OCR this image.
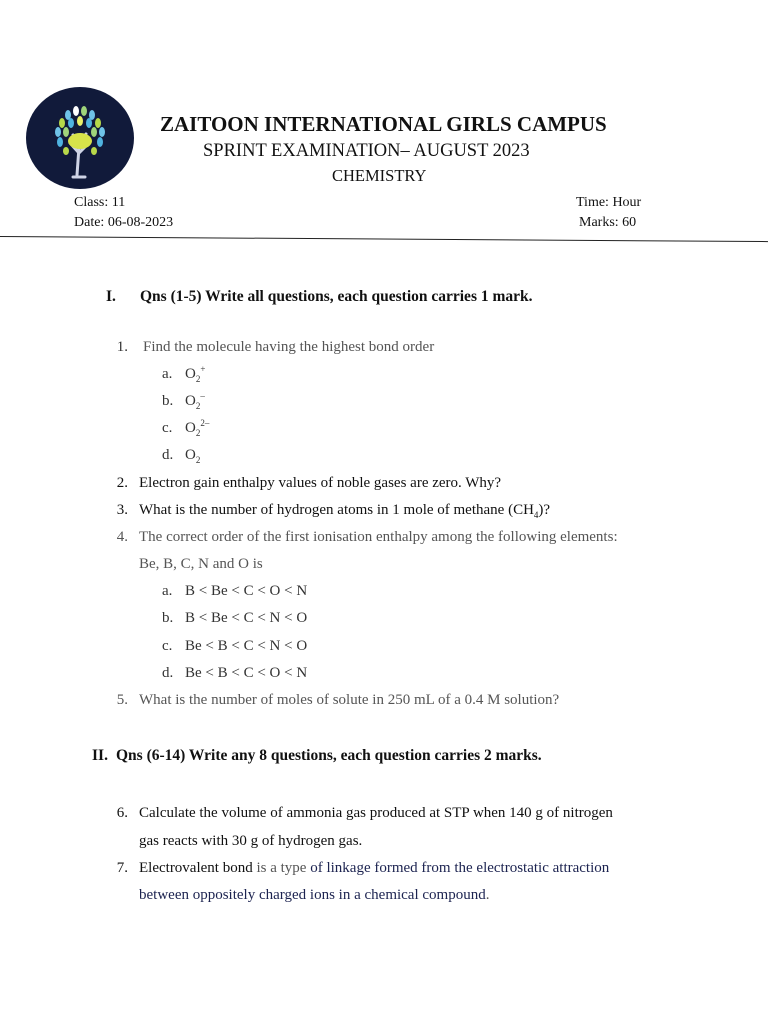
ZAITOON INTERNATIONAL GIRLS CAMPUS
SPRINT EXAMINATION– AUGUST 2023
CHEMISTRY
Class: 11
Date: 06-08-2023
Time: Hour
Marks: 60
I. Qns (1-5) Write all questions, each question carries 1 mark.
1. Find the molecule having the highest bond order
a. $O_2^+$
b. $O_2^-$
c. $O_2^{2-}$
d. $O_2$
2. Electron gain enthalpy values of noble gases are zero. Why?
3. What is the number of hydrogen atoms in 1 mole of methane $(CH_4)$?
4. The correct order of the first ionisation enthalpy among the following elements:
Be, B, C, N and O is
a. B < Be < C < O < N
b. B < Be < C < N < O
c. Be < B < C < N < O
d. Be < B < C < O < N
5. What is the number of moles of solute in 250 mL of a 0.4 M solution?
II. Qns (6-14) Write any 8 questions, each question carries 2 marks.
6. Calculate the volume of ammonia gas produced at STP when 140 g of nitrogen
gas reacts with 30 g of hydrogen gas.
7. Electrovalent bond is a type of linkage formed from the electrostatic attraction
between oppositely charged ions in a chemical compound.
